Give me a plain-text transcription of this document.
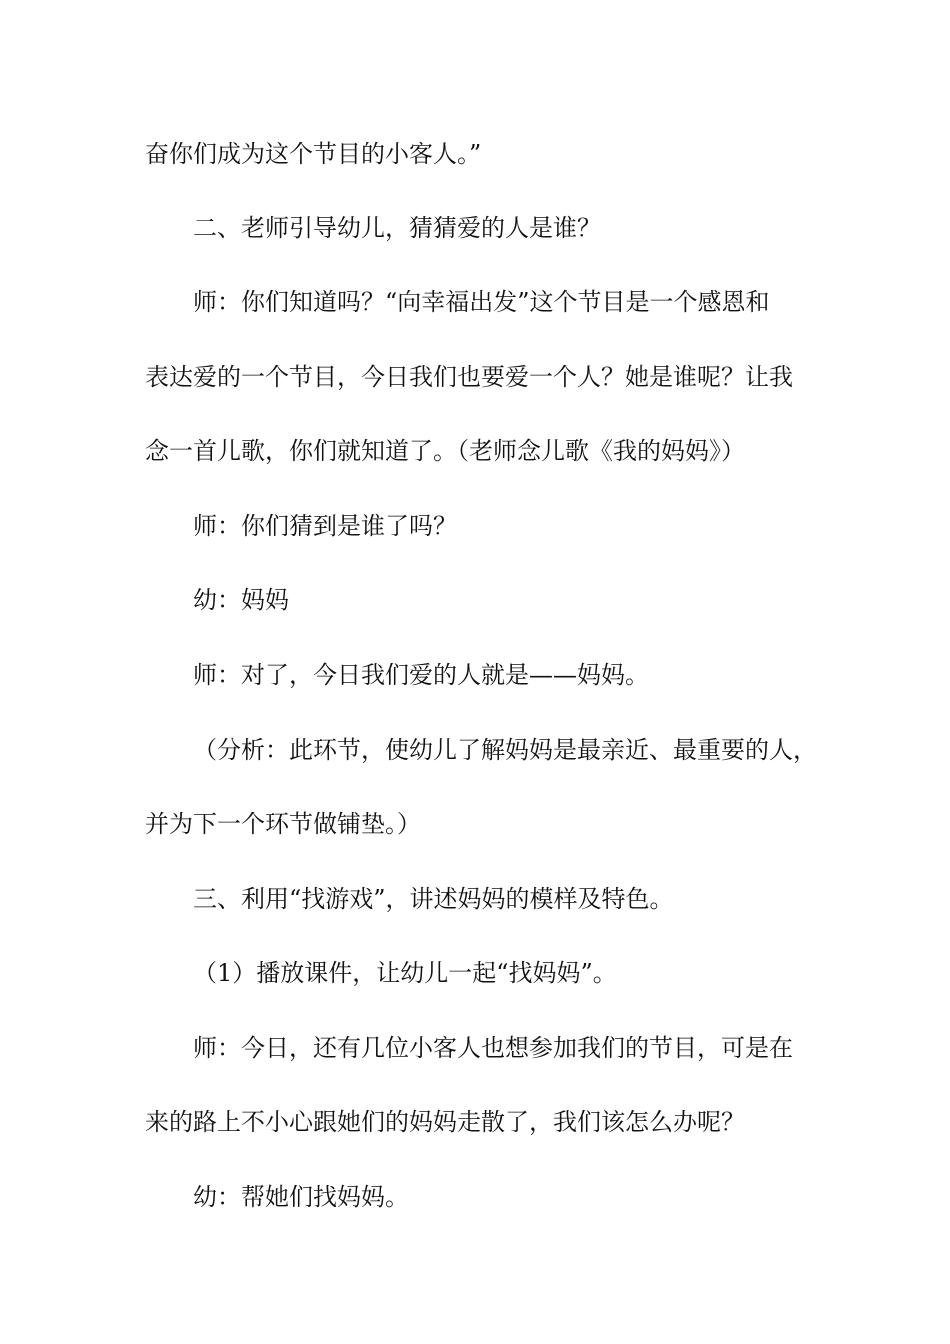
奋你们成为这个节目的小客人。”
二、老师引导幼儿，猜猜爱的人是谁？
师：你们知道吗？“向幸福出发”这个节目是一个感恩和
表达爱的一个节目，今日我们也要爱一个人？她是谁呢？让我
念一首儿歌，你们就知道了。（老师念儿歌《我的妈妈》）
师：你们猜到是谁了吗？
幼：妈妈
师：对了，今日我们爱的人就是——妈妈。
（分析：此环节，使幼儿了解妈妈是最亲近、最重要的人，
并为下一个环节做铺垫。）
三、利用“找游戏”，讲述妈妈的模样及特色。
（1）播放课件，让幼儿一起“找妈妈”。
师：今日，还有几位小客人也想参加我们的节目，可是在
来的路上不小心跟她们的妈妈走散了，我们该怎么办呢？
幼：帮她们找妈妈。
